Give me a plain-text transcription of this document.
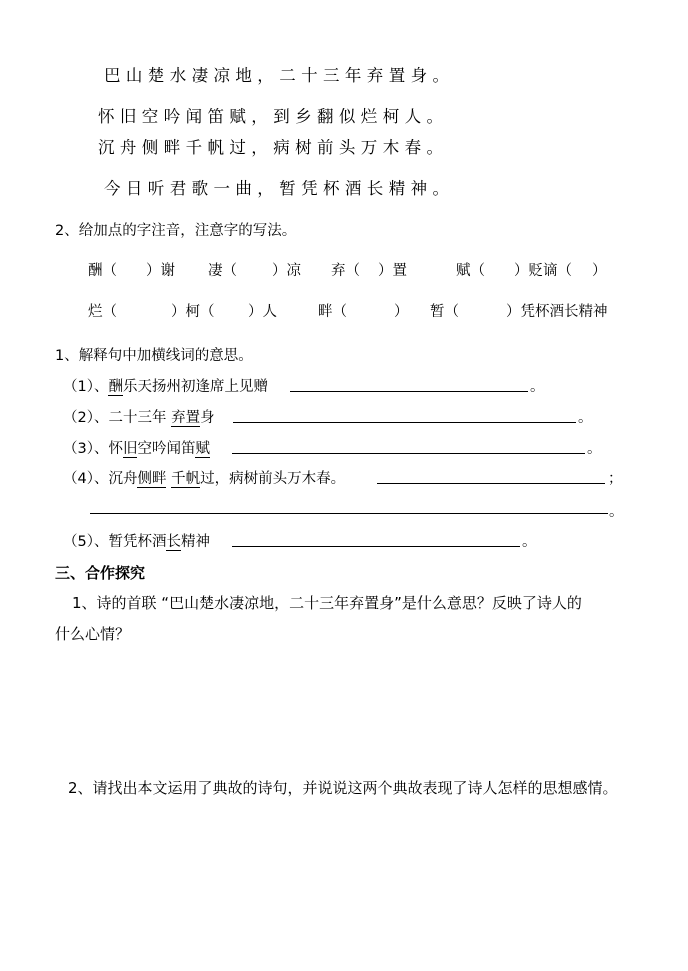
巴山楚水凄凉地，二十三年弃置身。
怀旧空吟闻笛赋，到乡翻似烂柯人。
沉舟侧畔千帆过，病树前头万木春。
今日听君歌一曲，暂凭杯酒长精神。
2、给加点的字注音，注意字的写法。
酬（ ）谢 凄（ ）凉 弃（ ）置	赋（ ）贬谪（ ）
烂（	）柯（ ）人	畔（	） 暂（	）凭杯酒长精神
1、解释句中加横线词的意思。
（1）、酬乐天扬州初逢席上见赠	。
（2）、二十三年 弃置身	。
（3）、怀旧空吟闻笛赋	。
（4）、沉舟侧畔 千帆过，病树前头万木春。	；
。
（5）、暂凭杯酒长精神	。
三、合作探究
1、诗的首联 “巴山楚水凄凉地，二十三年弃置身”是什么意思？反映了诗人的
什么心情？
2、请找出本文运用了典故的诗句，并说说这两个典故表现了诗人怎样的思想感情。
